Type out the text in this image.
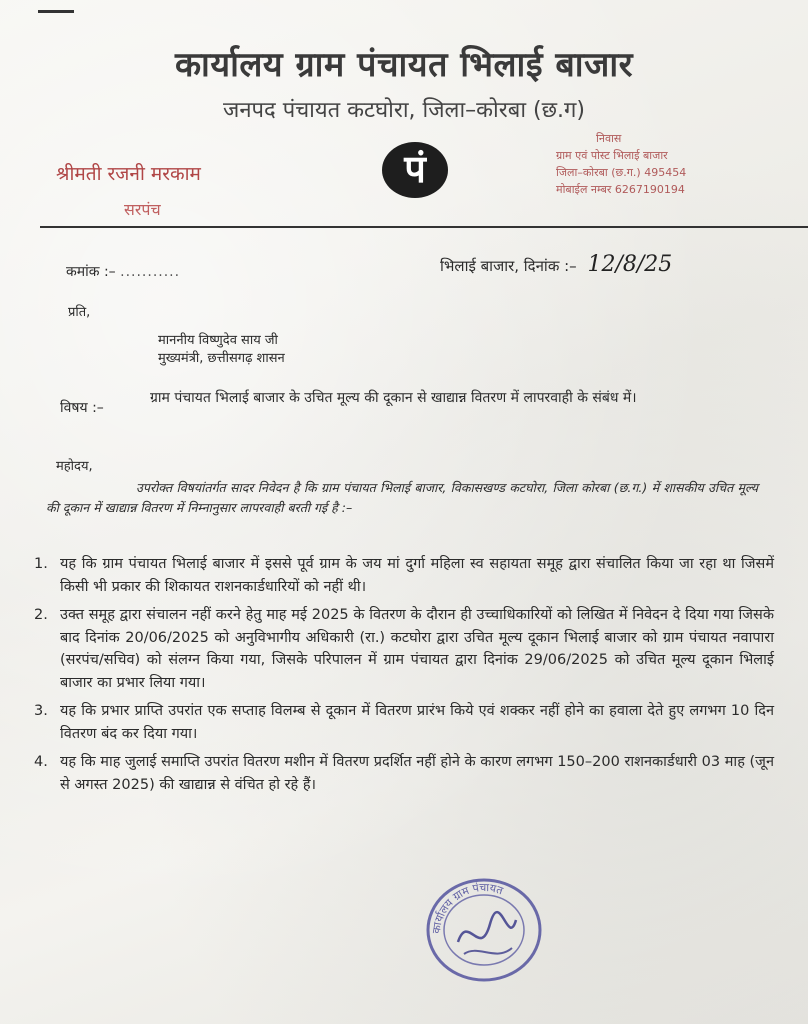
कार्यालय ग्राम पंचायत भिलाई बाजार
जनपद पंचायत कटघोरा, जिला–कोरबा (छ.ग)
श्रीमती रजनी मरकाम
सरपंच
पं
निवास
ग्राम एवं पोस्ट भिलाई बाजार
जिला–कोरबा (छ.ग.) 495454
मोबाईल नम्बर 6267190194
कमांक :– ...........	भिलाई बाजार, दिनांक :– 12/8/25
प्रति,
माननीय विष्णुदेव साय जी
मुख्यमंत्री, छत्तीसगढ़ शासन
विषय :–
ग्राम पंचायत भिलाई बाजार के उचित मूल्य की दूकान से खाद्यान्न वितरण में लापरवाही के संबंध में।
महोदय,
उपरोक्त विषयांतर्गत सादर निवेदन है कि ग्राम पंचायत भिलाई बाजार, विकासखण्ड कटघोरा, जिला कोरबा (छ.ग.) में शासकीय उचित मूल्य की दूकान में खाद्यान्न वितरण में निम्नानुसार लापरवाही बरती गई है :–
1. यह कि ग्राम पंचायत भिलाई बाजार में इससे पूर्व ग्राम के जय मां दुर्गा महिला स्व सहायता समूह द्वारा संचालित किया जा रहा था जिसमें किसी भी प्रकार की शिकायत राशनकार्डधारियों को नहीं थी।
2. उक्त समूह द्वारा संचालन नहीं करने हेतु माह मई 2025 के वितरण के दौरान ही उच्चाधिकारियों को लिखित में निवेदन दे दिया गया जिसके बाद दिनांक 20/06/2025 को अनुविभागीय अधिकारी (रा.) कटघोरा द्वारा उचित मूल्य दूकान भिलाई बाजार को ग्राम पंचायत नवापारा (सरपंच/सचिव) को संलग्न किया गया, जिसके परिपालन में ग्राम पंचायत द्वारा दिनांक 29/06/2025 को उचित मूल्य दूकान भिलाई बाजार का प्रभार लिया गया।
3. यह कि प्रभार प्राप्ति उपरांत एक सप्ताह विलम्ब से दूकान में वितरण प्रारंभ किये एवं शक्कर नहीं होने का हवाला देते हुए लगभग 10 दिन वितरण बंद कर दिया गया।
4. यह कि माह जुलाई समाप्ति उपरांत वितरण मशीन में वितरण प्रदर्शित नहीं होने के कारण लगभग 150–200 राशनकार्डधारी 03 माह (जून से अगस्त 2025) की खाद्यान्न से वंचित हो रहे हैं।
कार्यालय ग्राम पंचायत
